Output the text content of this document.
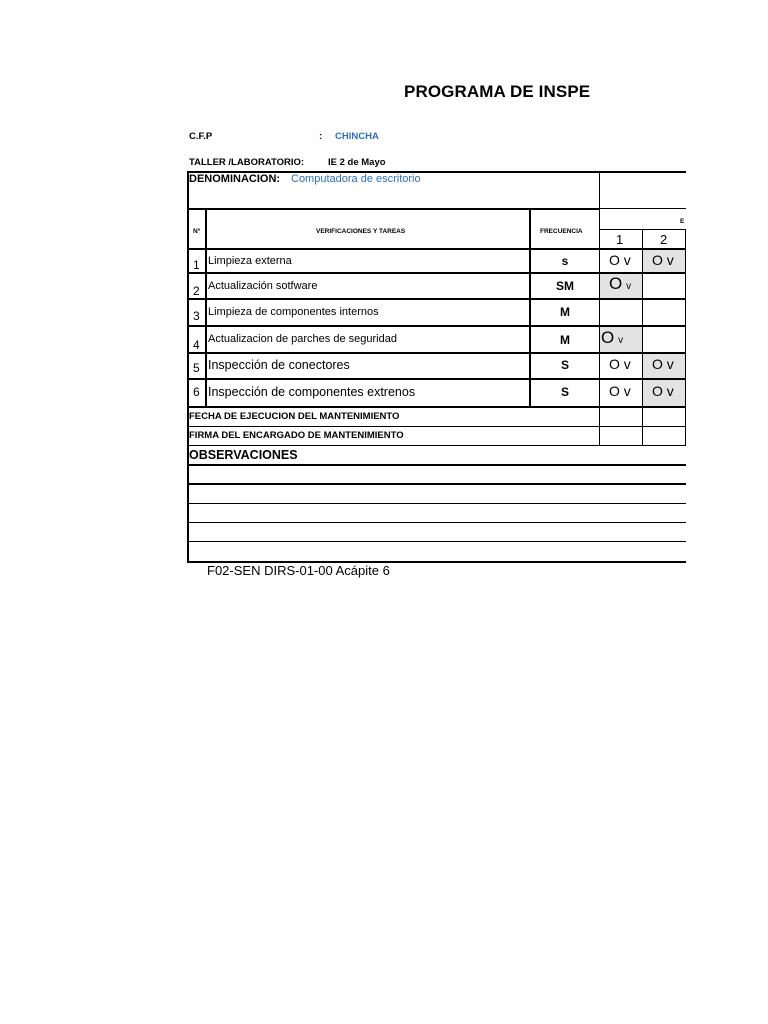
PROGRAMA DE INSPE
C.F.P	: CHINCHA
TALLER /LABORATORIO:	IE 2 de Mayo
DENOMINACION: Computadora de escritorio
Nº	VERIFICACIONES Y TAREAS	FRECUENCIA
E
1	2
1 Limpieza externa	s	O v O v
2 Actualización sotfware	SM	O v
3 Limpieza de componentes internos	M
4 Actualizacion de parches de seguridad	M	O v
5 Inspección de conectores	S	O v O v
6 Inspección de componentes extrenos	S	O v O v
FECHA DE EJECUCION DEL MANTENIMIENTO
FIRMA DEL ENCARGADO DE MANTENIMIENTO
OBSERVACIONES
F02-SEN DIRS-01-00 Acápite 6
